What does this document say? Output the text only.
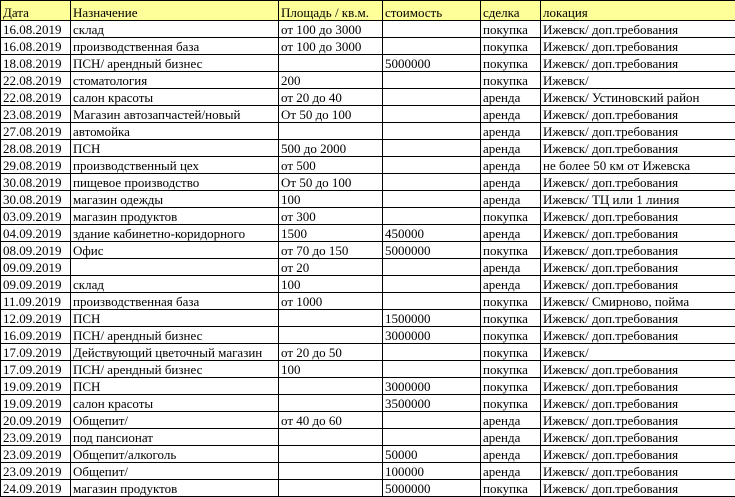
Дата	Назначение	Площадь / кв.м.	стоимость	сделка	локация
16.08.2019	склад	от 100 до 3000		покупка	Ижевск/ доп.требования
16.08.2019	производственная база	от 100 до 3000		покупка	Ижевск/ доп.требования
18.08.2019	ПСН/ арендный бизнес		5000000	покупка	Ижевск/ доп.требования
22.08.2019	стоматология	200		покупка	Ижевск/
22.08.2019	салон красоты	от 20 до 40		аренда	Ижевск/ Устиновский район
23.08.2019	Магазин автозапчастей/новый	От 50 до 100		аренда	Ижевск/ доп.требования
27.08.2019	автомойка			аренда	Ижевск/ доп.требования
28.08.2019	ПСН	500 до 2000		аренда	Ижевск/ доп.требования
29.08.2019	производственный цех	от 500		аренда	не более 50 км от Ижевска
30.08.2019	пищевое производство	От 50 до 100		аренда	Ижевск/ доп.требования
30.08.2019	магазин одежды	100		аренда	Ижевск/ ТЦ или 1 линия
03.09.2019	магазин продуктов	от 300		покупка	Ижевск/ доп.требования
04.09.2019	здание кабинетно-коридорного	1500	450000	аренда	Ижевск/ доп.требования
08.09.2019	Офис	от 70 до 150	5000000	покупка	Ижевск/ доп.требования
09.09.2019		от 20		аренда	Ижевск/ доп.требования
09.09.2019	склад	100		аренда	Ижевск/ доп.требования
11.09.2019	производственная база	от 1000		покупка	Ижевск/ Смирново, пойма
12.09.2019	ПСН		1500000	покупка	Ижевск/ доп.требования
16.09.2019	ПСН/ арендный бизнес		3000000	покупка	Ижевск/ доп.требования
17.09.2019	Действующий цветочный магазин	от 20 до 50		покупка	Ижевск/
17.09.2019	ПСН/ арендный бизнес	100		покупка	Ижевск/ доп.требования
19.09.2019	ПСН		3000000	покупка	Ижевск/ доп.требования
19.09.2019	салон красоты		3500000	покупка	Ижевск/ доп.требования
20.09.2019	Общепит/	от 40 до 60		аренда	Ижевск/ доп.требования
23.09.2019	под пансионат			аренда	Ижевск/ доп.требования
23.09.2019	Общепит/алкоголь		50000	аренда	Ижевск/ доп.требования
23.09.2019	Общепит/		100000	аренда	Ижевск/ доп.требования
24.09.2019	магазин продуктов		5000000	покупка	Ижевск/ доп.требования
